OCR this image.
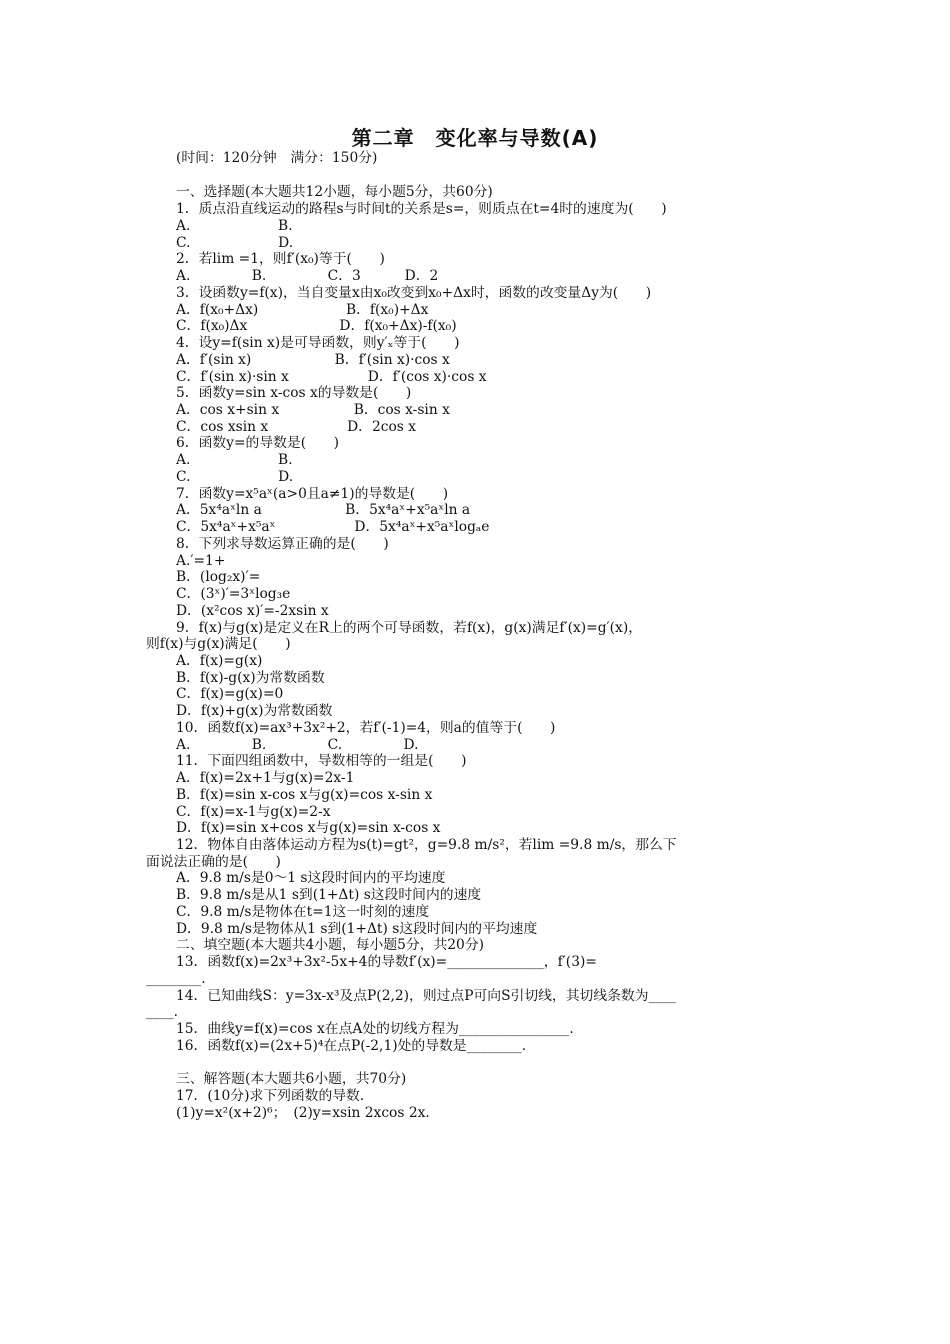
第二章　变化率与导数(A)
(时间：120分钟　满分：150分)
一、选择题(本大题共12小题，每小题5分，共60分)
1．质点沿直线运动的路程s与时间t的关系是s=，则质点在t=4时的速度为(　　)
A.                    B.
C.                    D.
2．若lim =1，则f′(x₀)等于(　　)
A.              B.              C．3          D．2
3．设函数y=f(x)，当自变量x由x₀改变到x₀+Δx时，函数的改变量Δy为(　　)
A．f(x₀+Δx)                    B．f(x₀)+Δx
C．f(x₀)Δx                     D．f(x₀+Δx)-f(x₀)
4．设y=f(sin x)是可导函数，则y′ₓ等于(　　)
A．f′(sin x)                   B．f′(sin x)·cos x
C．f′(sin x)·sin x                  D．f′(cos x)·cos x
5．函数y=sin x-cos x的导数是(　　)
A．cos x+sin x                 B．cos x-sin x
C．cos xsin x                  D．2cos x
6．函数y=的导数是(　　)
A.                    B.
C.                    D.
7．函数y=x⁵aˣ(a>0且a≠1)的导数是(　　)
A．5x⁴aˣln a                   B．5x⁴aˣ+x⁵aˣln a
C．5x⁴aˣ+x⁵aˣ                  D．5x⁴aˣ+x⁵aˣlogₐe
8．下列求导数运算正确的是(　　)
A.′=1+
B．(log₂x)′=
C．(3ˣ)′=3ˣlog₃e
D．(x²cos x)′=-2xsin x
9．f(x)与g(x)是定义在R上的两个可导函数，若f(x)，g(x)满足f′(x)=g′(x)，
则f(x)与g(x)满足(　　)
A．f(x)=g(x)
B．f(x)-g(x)为常数函数
C．f(x)=g(x)=0
D．f(x)+g(x)为常数函数
10．函数f(x)=ax³+3x²+2，若f′(-1)=4，则a的值等于(　　)
A.              B.              C.              D.
11．下面四组函数中，导数相等的一组是(　　)
A．f(x)=2x+1与g(x)=2x-1
B．f(x)=sin x-cos x与g(x)=cos x-sin x
C．f(x)=x-1与g(x)=2-x
D．f(x)=sin x+cos x与g(x)=sin x-cos x
12．物体自由落体运动方程为s(t)=gt²，g=9.8 m/s²，若lim =9.8 m/s，那么下
面说法正确的是(　　)
A．9.8 m/s是0～1 s这段时间内的平均速度
B．9.8 m/s是从1 s到(1+Δt) s这段时间内的速度
C．9.8 m/s是物体在t=1这一时刻的速度
D．9.8 m/s是物体从1 s到(1+Δt) s这段时间内的平均速度
二、填空题(本大题共4小题，每小题5分，共20分)
13．函数f(x)=2x³+3x²-5x+4的导数f′(x)=______________，f′(3)=
________.
14．已知曲线S：y=3x-x³及点P(2,2)，则过点P可向S引切线，其切线条数为____
____.
15．曲线y=f(x)=cos x在点A处的切线方程为________________.
16．函数f(x)=(2x+5)⁴在点P(-2,1)处的导数是________.
三、解答题(本大题共6小题，共70分)
17．(10分)求下列函数的导数．
(1)y=x²(x+2)⁶；　(2)y=xsin 2xcos 2x.
